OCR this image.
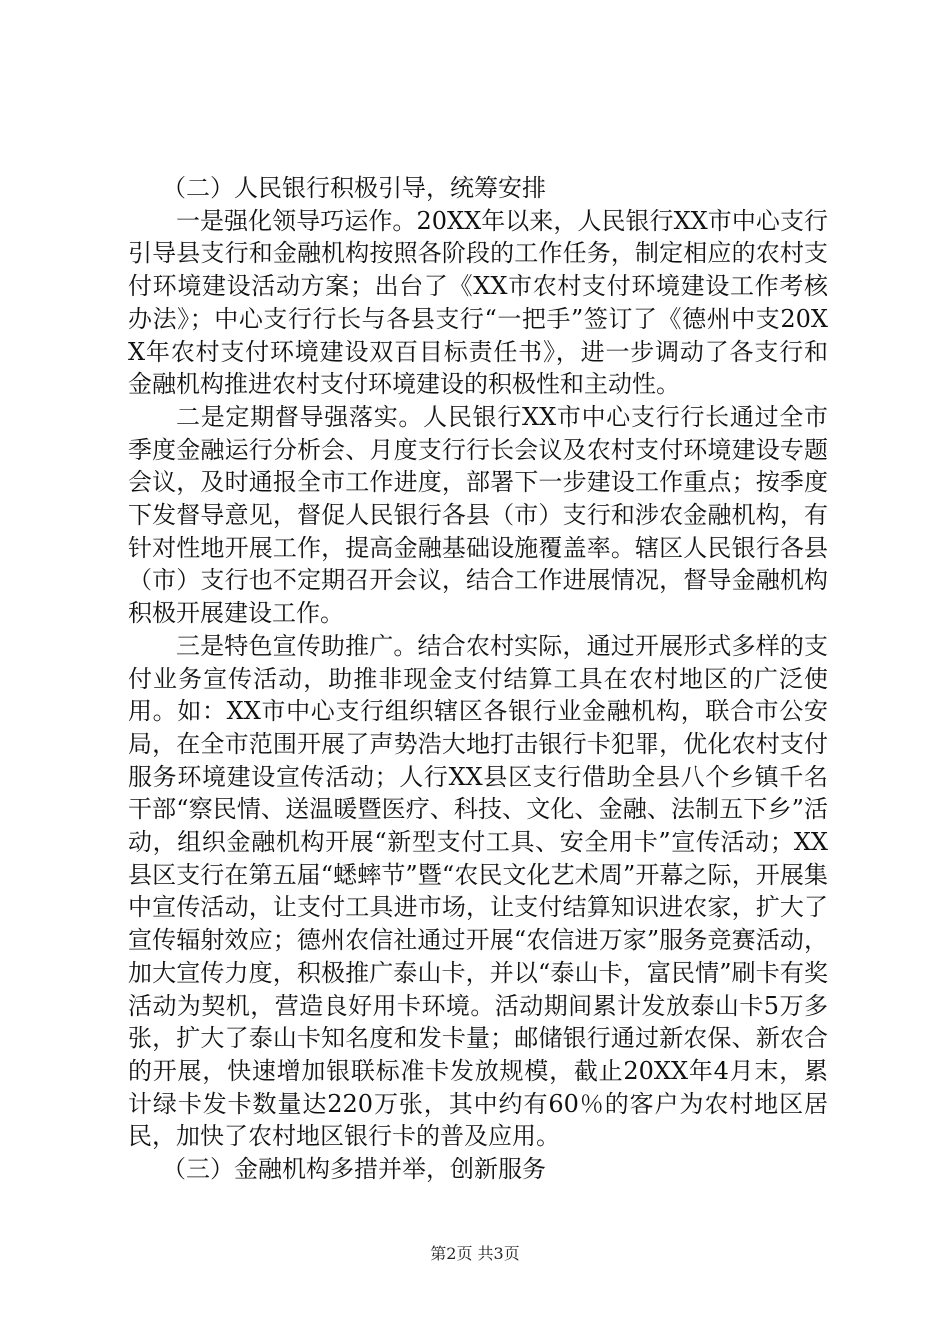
（二）人民银行积极引导，统筹安排

一是强化领导巧运作。20XX年以来，人民银行XX市中心支行引导县支行和金融机构按照各阶段的工作任务，制定相应的农村支付环境建设活动方案；出台了《XX市农村支付环境建设工作考核办法》；中心支行行长与各县支行“一把手”签订了《德州中支20XX年农村支付环境建设双百目标责任书》，进一步调动了各支行和金融机构推进农村支付环境建设的积极性和主动性。

二是定期督导强落实。人民银行XX市中心支行行长通过全市季度金融运行分析会、月度支行行长会议及农村支付环境建设专题会议，及时通报全市工作进度，部署下一步建设工作重点；按季度下发督导意见，督促人民银行各县（市）支行和涉农金融机构，有针对性地开展工作，提高金融基础设施覆盖率。辖区人民银行各县（市）支行也不定期召开会议，结合工作进展情况，督导金融机构积极开展建设工作。

三是特色宣传助推广。结合农村实际，通过开展形式多样的支付业务宣传活动，助推非现金支付结算工具在农村地区的广泛使用。如：XX市中心支行组织辖区各银行业金融机构，联合市公安局，在全市范围开展了声势浩大地打击银行卡犯罪，优化农村支付服务环境建设宣传活动；人行XX县区支行借助全县八个乡镇千名干部“察民情、送温暖暨医疗、科技、文化、金融、法制五下乡”活动，组织金融机构开展“新型支付工具、安全用卡”宣传活动；XX县区支行在第五届“蟋蟀节”暨“农民文化艺术周”开幕之际，开展集中宣传活动，让支付工具进市场，让支付结算知识进农家，扩大了宣传辐射效应；德州农信社通过开展“农信进万家”服务竞赛活动，加大宣传力度，积极推广泰山卡，并以“泰山卡，富民情”刷卡有奖活动为契机，营造良好用卡环境。活动期间累计发放泰山卡5万多张，扩大了泰山卡知名度和发卡量；邮储银行通过新农保、新农合的开展，快速增加银联标准卡发放规模，截止20XX年4月末，累计绿卡发卡数量达220万张，其中约有60％的客户为农村地区居民，加快了农村地区银行卡的普及应用。

（三）金融机构多措并举，创新服务

第2页 共3页
